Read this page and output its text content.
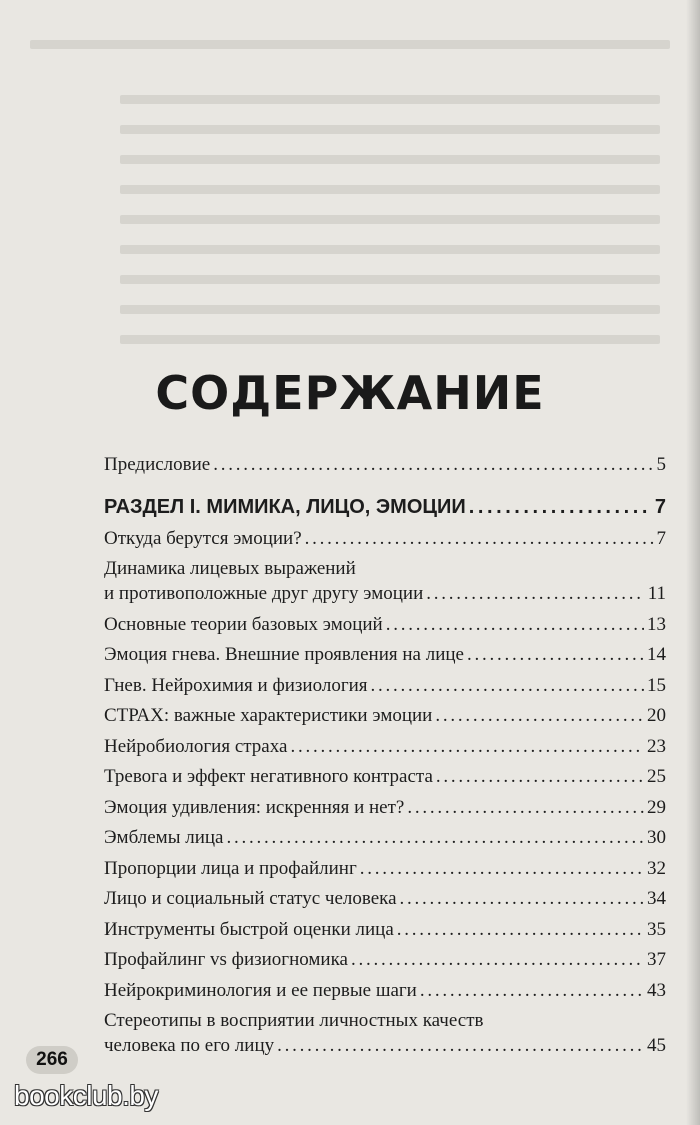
СОДЕРЖАНИЕ
Предисловие . . .	5
РАЗДЕЛ I. МИМИКА, ЛИЦО, ЭМОЦИИ . . .	7
Откуда берутся эмоции? . . .	7
Динамика лицевых выражений
и противоположные друг другу эмоции . . .	11
Основные теории базовых эмоций . . .	13
Эмоция гнева. Внешние проявления на лице . . .	14
Гнев. Нейрохимия и физиология . . .	15
СТРАХ: важные характеристики эмоции . . .	20
Нейробиология страха . . .	23
Тревога и эффект негативного контраста . . .	25
Эмоция удивления: искренняя и нет? . . .	29
Эмблемы лица . . .	30
Пропорции лица и профайлинг . . .	32
Лицо и социальный статус человека . . .	34
Инструменты быстрой оценки лица . . .	35
Профайлинг vs физиогномика . . .	37
Нейрокриминология и ее первые шаги . . .	43
Стереотипы в восприятии личностных качеств
человека по его лицу . . .	45
266
bookclub.by
